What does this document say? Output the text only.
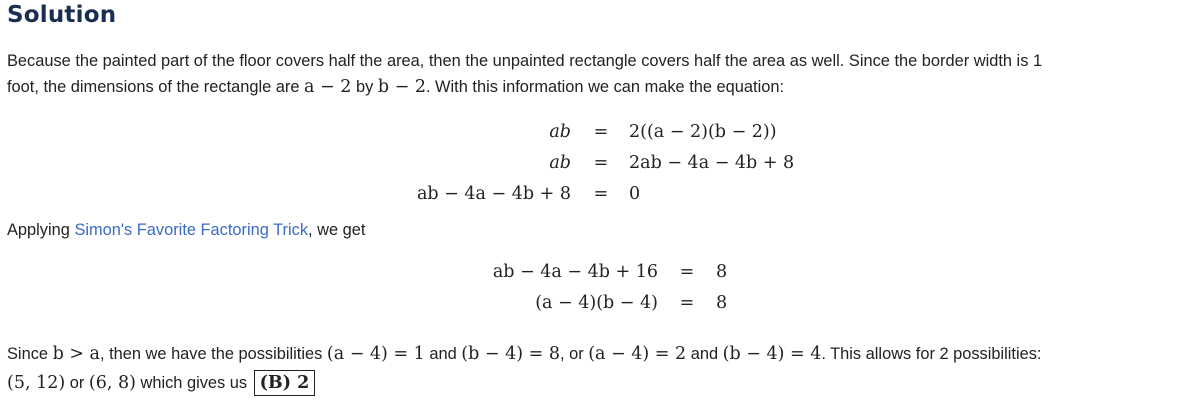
Solution
Because the painted part of the floor covers half the area, then the unpainted rectangle covers half the area as well. Since the border width is 1
foot, the dimensions of the rectangle are a − 2 by b − 2. With this information we can make the equation:
ab = 2((a − 2)(b − 2))
ab = 2ab − 4a − 4b + 8
ab − 4a − 4b + 8 = 0
Applying Simon's Favorite Factoring Trick, we get
ab − 4a − 4b + 16 = 8
(a − 4)(b − 4) = 8
Since b > a, then we have the possibilities (a − 4) = 1 and (b − 4) = 8, or (a − 4) = 2 and (b − 4) = 4. This allows for 2 possibilities:
(5, 12) or (6, 8) which gives us (B) 2
